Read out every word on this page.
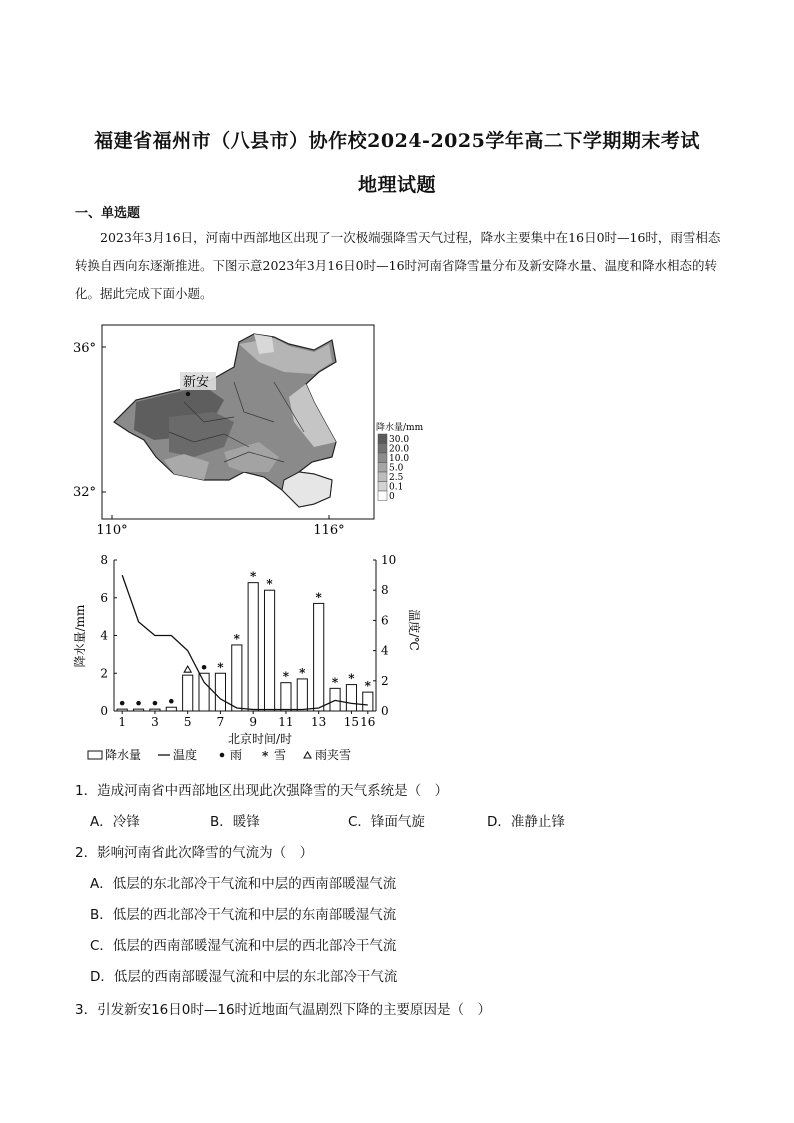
福建省福州市（八县市）协作校2024-2025学年高二下学期期末考试
地理试题
一、单选题
2023年3月16日，河南中西部地区出现了一次极端强降雪天气过程，降水主要集中在16日0时—16时，雨雪相态转换自西向东逐渐推进。下图示意2023年3月16日0时—16时河南省降雪量分布及新安降水量、温度和降水相态的转化。据此完成下面小题。
36°
32°
110°	116°
新安
降水量/mm
30.0
20.0
10.0
5.0
2.5
0.1
0
0
2
4
6
8
0
2
4
6
8
10
1 3 5 7 9 11 13 15 16
*
*
*
*
* *
*
* *
*
降水量/mm	温度/℃
北京时间/时
降水量	温度	雨 * 雪 雨夹雪
1．造成河南省中西部地区出现此次强降雪的天气系统是（　）
A．冷锋	B．暖锋	C．锋面气旋	D．准静止锋
2．影响河南省此次降雪的气流为（　）
A．低层的东北部冷干气流和中层的西南部暖湿气流
B．低层的西北部冷干气流和中层的东南部暖湿气流
C．低层的西南部暖湿气流和中层的西北部冷干气流
D．低层的西南部暖湿气流和中层的东北部冷干气流
3．引发新安16日0时—16时近地面气温剧烈下降的主要原因是（　）
